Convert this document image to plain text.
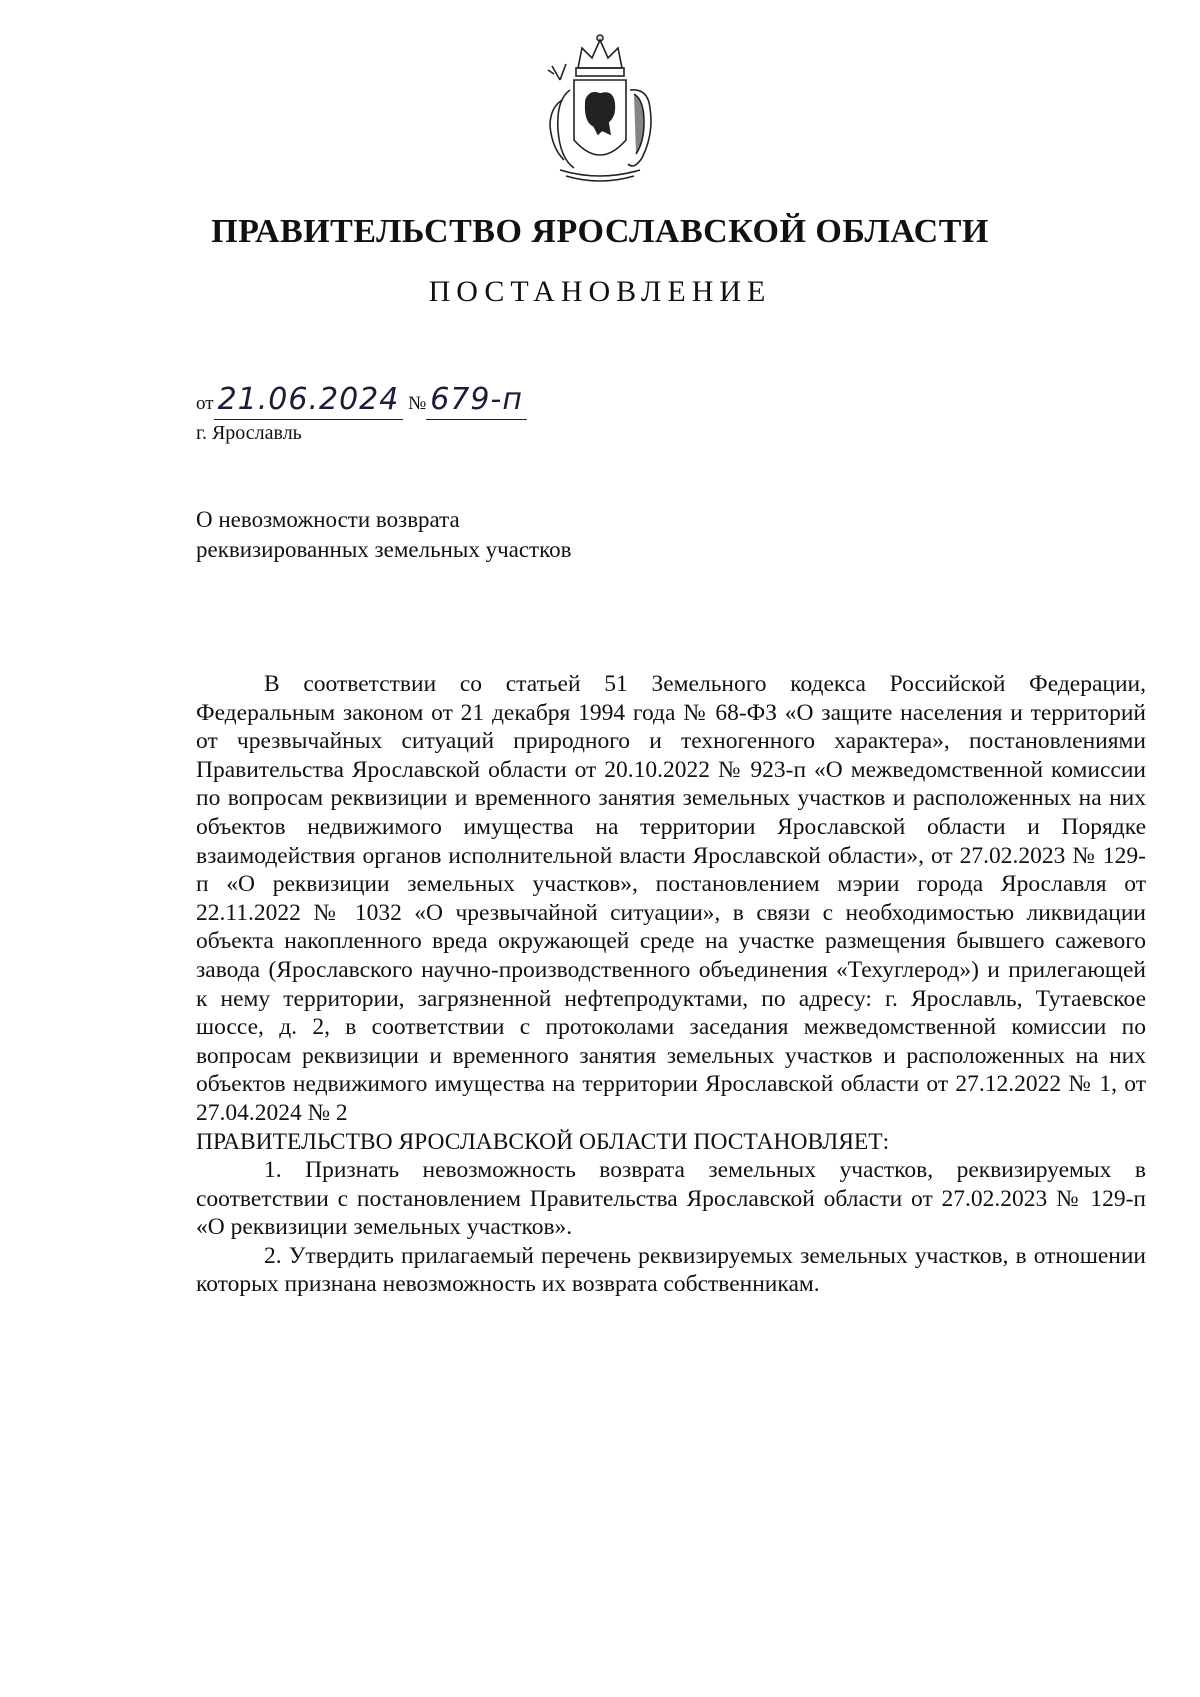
ПРАВИТЕЛЬСТВО ЯРОСЛАВСКОЙ ОБЛАСТИ
ПОСТАНОВЛЕНИЕ
от 21.06.2024 № 679-п
г. Ярославль
О невозможности возврата реквизированных земельных участков

В соответствии со статьей 51 Земельного кодекса Российской Федерации, Федеральным законом от 21 декабря 1994 года № 68-ФЗ «О защите населения и территорий от чрезвычайных ситуаций природного и техногенного характера», постановлениями Правительства Ярославской области от 20.10.2022 № 923-п «О межведомственной комиссии по вопросам реквизиции и временного занятия земельных участков и расположенных на них объектов недвижимого имущества на территории Ярославской области и Порядке взаимодействия органов исполнительной власти Ярославской области», от 27.02.2023 № 129-п «О реквизиции земельных участков», постановлением мэрии города Ярославля от 22.11.2022 № 1032 «О чрезвычайной ситуации», в связи с необходимостью ликвидации объекта накопленного вреда окружающей среде на участке размещения бывшего сажевого завода (Ярославского научно-производственного объединения «Техуглерод») и прилегающей к нему территории, загрязненной нефтепродуктами, по адресу: г. Ярославль, Тутаевское шоссе, д. 2, в соответствии с протоколами заседания межведомственной комиссии по вопросам реквизиции и временного занятия земельных участков и расположенных на них объектов недвижимого имущества на территории Ярославской области от 27.12.2022 № 1, от 27.04.2024 № 2

ПРАВИТЕЛЬСТВО ЯРОСЛАВСКОЙ ОБЛАСТИ ПОСТАНОВЛЯЕТ:

1. Признать невозможность возврата земельных участков, реквизируемых в соответствии с постановлением Правительства Ярославской области от 27.02.2023 № 129-п «О реквизиции земельных участков».

2. Утвердить прилагаемый перечень реквизируемых земельных участков, в отношении которых признана невозможность их возврата собственникам.
